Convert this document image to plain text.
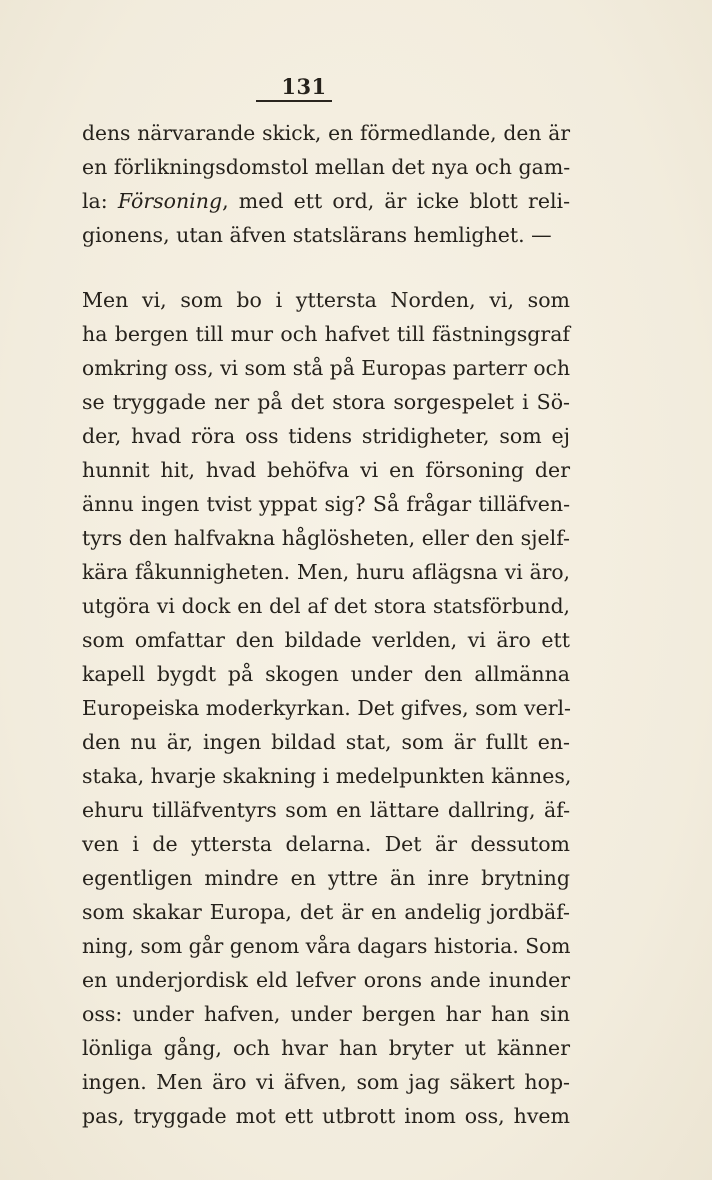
131
dens närvarande skick, en förmedlande, den är
en förlikningsdomstol mellan det nya och gam-
la: Försoning, med ett ord, är icke blott reli-
gionens, utan äfven statslärans hemlighet. —
Men vi, som bo i yttersta Norden, vi, som
ha bergen till mur och hafvet till fästningsgraf
omkring oss, vi som stå på Europas parterr och
se tryggade ner på det stora sorgespelet i Sö-
der, hvad röra oss tidens stridigheter, som ej
hunnit hit, hvad behöfva vi en försoning der
ännu ingen tvist yppat sig? Så frågar tilläfven-
tyrs den halfvakna håglösheten, eller den sjelf-
kära fåkunnigheten. Men, huru aflägsna vi äro,
utgöra vi dock en del af det stora statsförbund,
som omfattar den bildade verlden, vi äro ett
kapell bygdt på skogen under den allmänna
Europeiska moderkyrkan. Det gifves, som verl-
den nu är, ingen bildad stat, som är fullt en-
staka, hvarje skakning i medelpunkten kännes,
ehuru tilläfventyrs som en lättare dallring, äf-
ven i de yttersta delarna. Det är dessutom
egentligen mindre en yttre än inre brytning
som skakar Europa, det är en andelig jordbäf-
ning, som går genom våra dagars historia. Som
en underjordisk eld lefver orons ande inunder
oss: under hafven, under bergen har han sin
lönliga gång, och hvar han bryter ut känner
ingen. Men äro vi äfven, som jag säkert hop-
pas, tryggade mot ett utbrott inom oss, hvem
